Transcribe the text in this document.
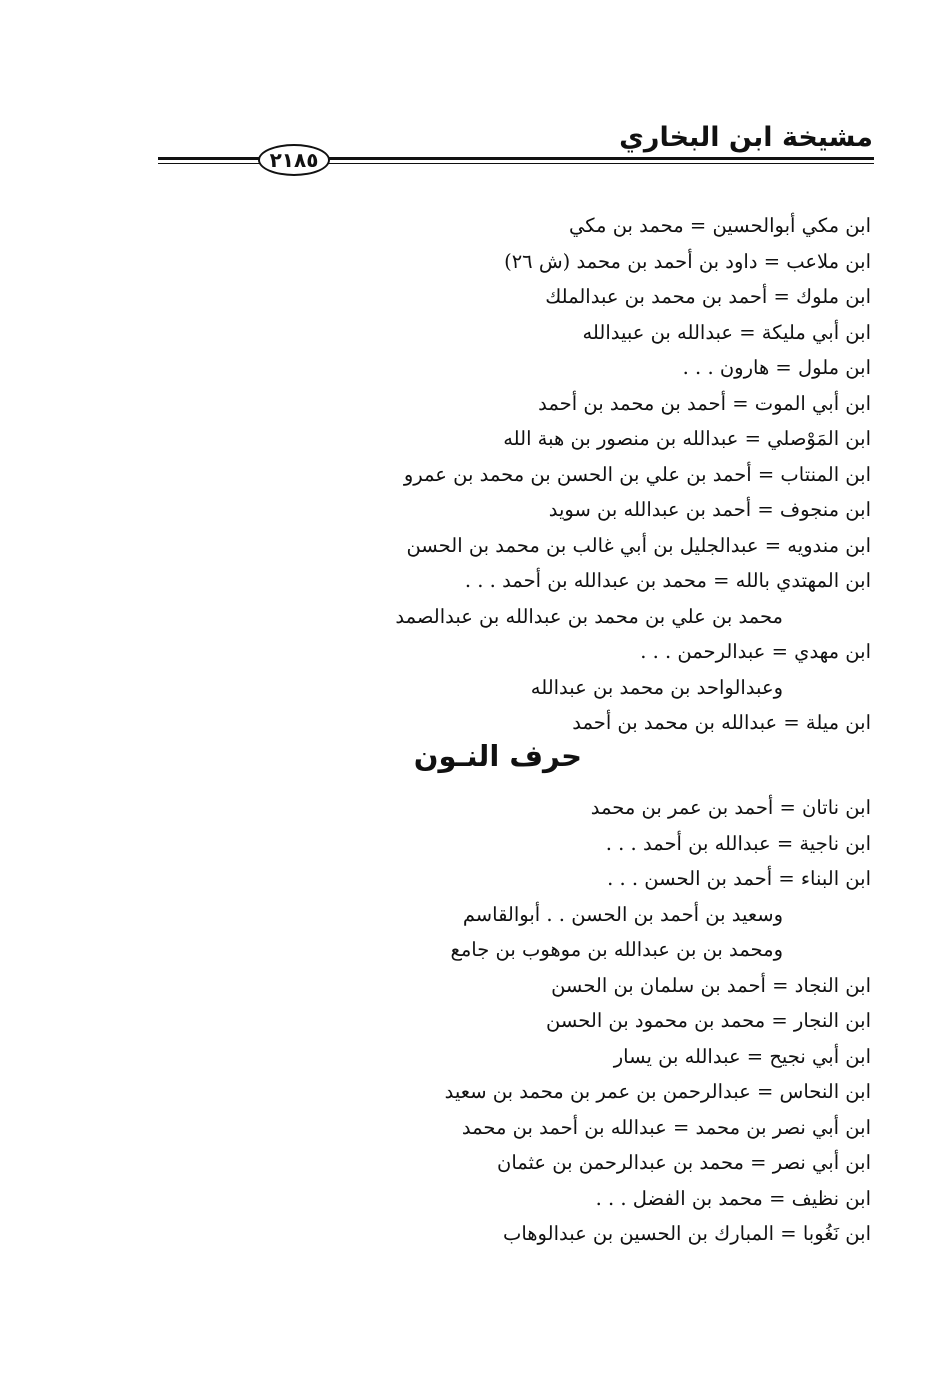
مشيخة ابن البخاري
٢١٨٥
ابن مكي أبوالحسين = محمد بن مكي
ابن ملاعب = داود بن أحمد بن محمد (ش ٢٦)
ابن ملوك = أحمد بن محمد بن عبدالملك
ابن أبي مليكة = عبدالله بن عبيدالله
ابن ملول = هارون . . .
ابن أبي الموت = أحمد بن محمد بن أحمد
ابن المَوْصلي = عبدالله بن منصور بن هبة الله
ابن المنتاب = أحمد بن علي بن الحسن بن محمد بن عمرو
ابن منجوف = أحمد بن عبدالله بن سويد
ابن مندويه = عبدالجليل بن أبي غالب بن محمد بن الحسن
ابن المهتدي بالله = محمد بن عبدالله بن أحمد . . .
محمد بن علي بن محمد بن عبدالله بن عبدالصمد
ابن مهدي = عبدالرحمن . . .
وعبدالواحد بن محمد بن عبدالله
ابن ميلة = عبدالله بن محمد بن أحمد
حرف النـون
ابن ناتان = أحمد بن عمر بن محمد
ابن ناجية = عبدالله بن أحمد . . .
ابن البناء = أحمد بن الحسن . . .
وسعيد بن أحمد بن الحسن . . أبوالقاسم
ومحمد بن بن عبدالله بن موهوب بن جامع
ابن النجاد = أحمد بن سلمان بن الحسن
ابن النجار = محمد بن محمود بن الحسن
ابن أبي نجيح = عبدالله بن يسار
ابن النحاس = عبدالرحمن بن عمر بن محمد بن سعيد
ابن أبي نصر بن محمد = عبدالله بن أحمد بن محمد
ابن أبي نصر = محمد بن عبدالرحمن بن عثمان
ابن نظيف = محمد بن الفضل . . .
ابن نَغُوبا = المبارك بن الحسين بن عبدالوهاب
